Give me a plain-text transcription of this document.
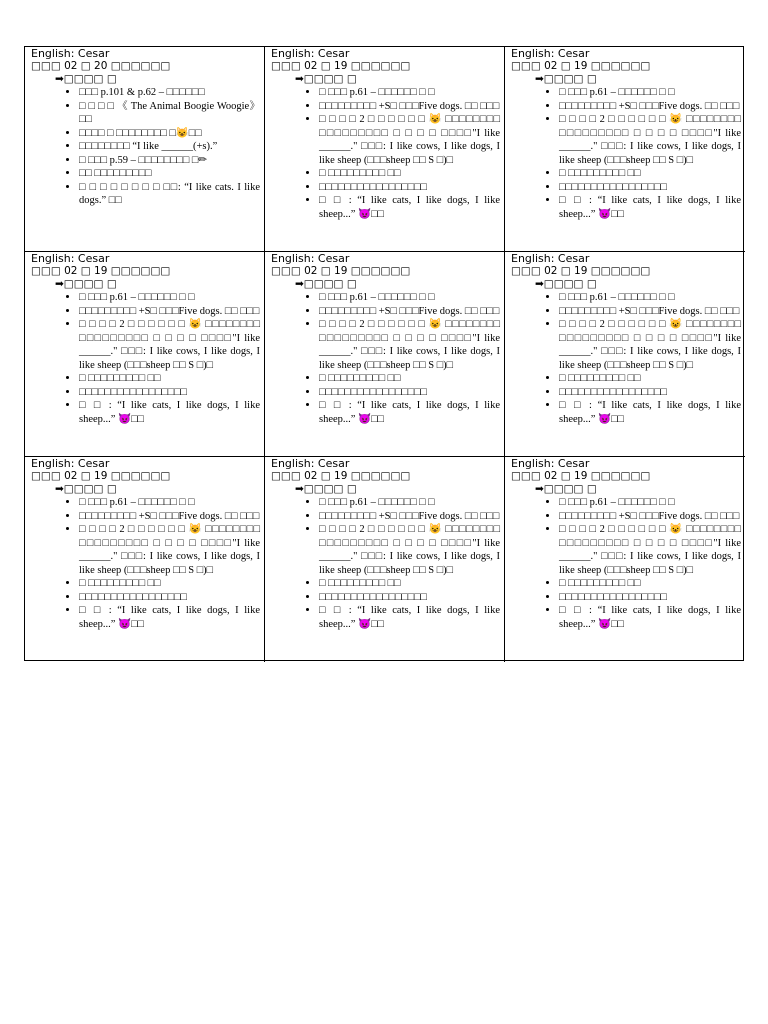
English: Cesar
□□□ 02 □ 20 □□□□□□
➡□□□□ □
• □□□ p.101 & p.62 – □□□□□□
• □ □ □ □ 《 The Animal Boogie Woogie》□□
• □□□□ □ □□□□□□□□ □😺□□
• □□□□□□□□ “I like ______(+s).”
• □ □□□ p.59 – □□□□□□□□ □✏
• □□ □□□□□□□□□
• □ □ □ □ □ □ □ □ □□: “I like cats. I like dogs.” □□
English: Cesar
□□□ 02 □ 19 □□□□□□
➡□□□□ □
• □ □□□ p.61 – □□□□□□ □ □
• □□□□□□□□□ +S□ □□□Five dogs. □□ □□□
• □ □ □ □ 2 □ □ □ □ □ □ 😺 □□□□□□□□ □□□□□□□□□ □ □ □ □ □□□□"I like ______." □□□: I like cows, I like dogs, I like sheep (□□□sheep □□ S □)□
• □ □□□□□□□□□ □□
• □□□□□□□□□□□□□□□□□
• □ □ : “I like cats, I like dogs, I like sheep...” 😈□□
English: Cesar
□□□ 02 □ 19 □□□□□□
➡□□□□ □
• □ □□□ p.61 – □□□□□□ □ □
• □□□□□□□□□ +S□ □□□Five dogs. □□ □□□
• □ □ □ □ 2 □ □ □ □ □ □ 😺 □□□□□□□□ □□□□□□□□□ □ □ □ □ □□□□"I like ______." □□□: I like cows, I like dogs, I like sheep (□□□sheep □□ S □)□
• □ □□□□□□□□□ □□
• □□□□□□□□□□□□□□□□□
• □ □ : “I like cats, I like dogs, I like sheep...” 😈□□
English: Cesar
□□□ 02 □ 19 □□□□□□
➡□□□□ □
• □ □□□ p.61 – □□□□□□ □ □
• □□□□□□□□□ +S□ □□□Five dogs. □□ □□□
• □ □ □ □ 2 □ □ □ □ □ □ 😺 □□□□□□□□ □□□□□□□□□ □ □ □ □ □□□□"I like ______." □□□: I like cows, I like dogs, I like sheep (□□□sheep □□ S □)□
• □ □□□□□□□□□ □□
• □□□□□□□□□□□□□□□□□
• □ □ : “I like cats, I like dogs, I like sheep...” 😈□□
English: Cesar
□□□ 02 □ 19 □□□□□□
➡□□□□ □
• □ □□□ p.61 – □□□□□□ □ □
• □□□□□□□□□ +S□ □□□Five dogs. □□ □□□
• □ □ □ □ 2 □ □ □ □ □ □ 😺 □□□□□□□□ □□□□□□□□□ □ □ □ □ □□□□"I like ______." □□□: I like cows, I like dogs, I like sheep (□□□sheep □□ S □)□
• □ □□□□□□□□□ □□
• □□□□□□□□□□□□□□□□□
• □ □ : “I like cats, I like dogs, I like sheep...” 😈□□
English: Cesar
□□□ 02 □ 19 □□□□□□
➡□□□□ □
• □ □□□ p.61 – □□□□□□ □ □
• □□□□□□□□□ +S□ □□□Five dogs. □□ □□□
• □ □ □ □ 2 □ □ □ □ □ □ 😺 □□□□□□□□ □□□□□□□□□ □ □ □ □ □□□□"I like ______." □□□: I like cows, I like dogs, I like sheep (□□□sheep □□ S □)□
• □ □□□□□□□□□ □□
• □□□□□□□□□□□□□□□□□
• □ □ : “I like cats, I like dogs, I like sheep...” 😈□□
English: Cesar
□□□ 02 □ 19 □□□□□□
➡□□□□ □
• □ □□□ p.61 – □□□□□□ □ □
• □□□□□□□□□ +S□ □□□Five dogs. □□ □□□
• □ □ □ □ 2 □ □ □ □ □ □ 😺 □□□□□□□□ □□□□□□□□□ □ □ □ □ □□□□"I like ______." □□□: I like cows, I like dogs, I like sheep (□□□sheep □□ S □)□
• □ □□□□□□□□□ □□
• □□□□□□□□□□□□□□□□□
• □ □ : “I like cats, I like dogs, I like sheep...” 😈□□
English: Cesar
□□□ 02 □ 19 □□□□□□
➡□□□□ □
• □ □□□ p.61 – □□□□□□ □ □
• □□□□□□□□□ +S□ □□□Five dogs. □□ □□□
• □ □ □ □ 2 □ □ □ □ □ □ 😺 □□□□□□□□ □□□□□□□□□ □ □ □ □ □□□□"I like ______." □□□: I like cows, I like dogs, I like sheep (□□□sheep □□ S □)□
• □ □□□□□□□□□ □□
• □□□□□□□□□□□□□□□□□
• □ □ : “I like cats, I like dogs, I like sheep...” 😈□□
English: Cesar
□□□ 02 □ 19 □□□□□□
➡□□□□ □
• □ □□□ p.61 – □□□□□□ □ □
• □□□□□□□□□ +S□ □□□Five dogs. □□ □□□
• □ □ □ □ 2 □ □ □ □ □ □ 😺 □□□□□□□□ □□□□□□□□□ □ □ □ □ □□□□"I like ______." □□□: I like cows, I like dogs, I like sheep (□□□sheep □□ S □)□
• □ □□□□□□□□□ □□
• □□□□□□□□□□□□□□□□□
• □ □ : “I like cats, I like dogs, I like sheep...” 😈□□
